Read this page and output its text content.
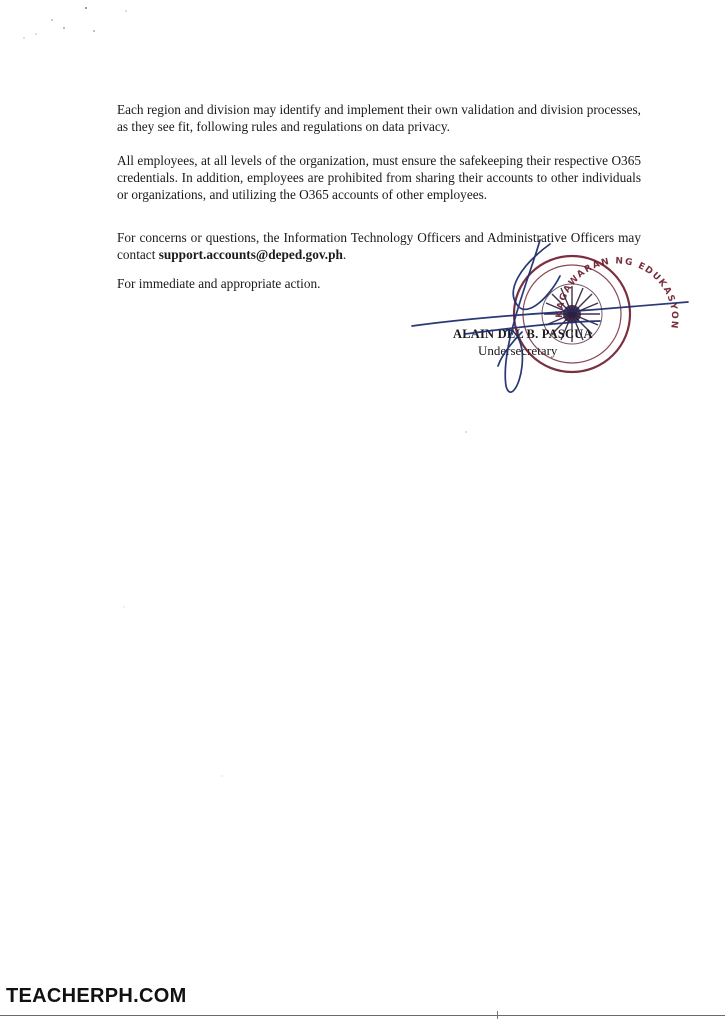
Each region and division may identify and implement their own validation and division processes, as they see fit, following rules and regulations on data privacy.

All employees, at all levels of the organization, must ensure the safekeeping their respective O365 credentials. In addition, employees are prohibited from sharing their accounts to other individuals or organizations, and utilizing the O365 accounts of other employees.

For concerns or questions, the Information Technology Officers and Administrative Officers may contact support.accounts@deped.gov.ph.

For immediate and appropriate action.

ALAIN DEL B. PASCUA
Undersecretary
KAGAWARAN NG EDUKASYON
TEACHERPH.COM
